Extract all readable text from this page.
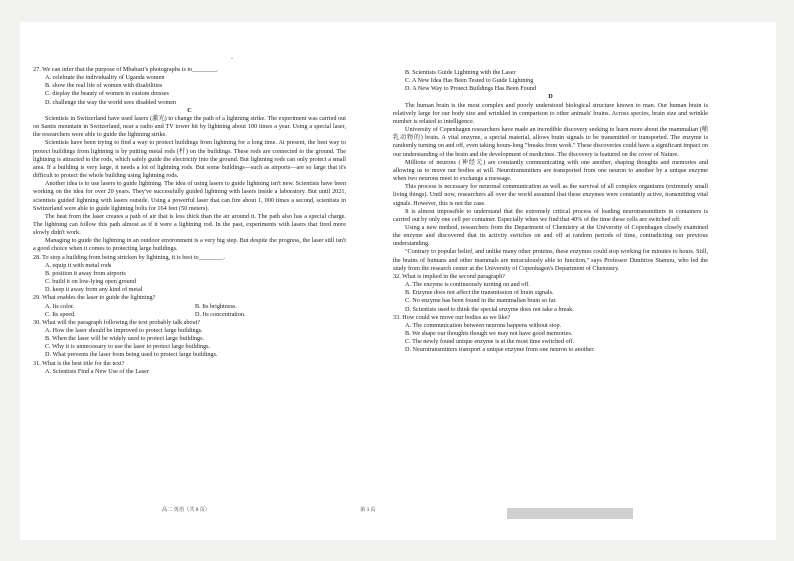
ˉ
27. We can infer that the purpose of Mbabazi's photographs is to________.
A. celebrate the individuality of Uganda women
B. show the real life of women with disabilities
C. display the beauty of women in custom dresses
D. challenge the way the world sees disabled women
C
Scientists in Switzerland have used lasers (激光) to change the path of a lightning strike. The experiment was carried out on Santis mountain in Switzerland, near a radio and TV tower hit by lightning about 100 times a year. Using a special laser, the researchers were able to guide the lightning strike.
Scientists have been trying to find a way to protect buildings from lightning for a long time. At present, the best way to protect buildings from lightning is by putting metal rods (杆) on the buildings. These rods are connected to the ground. The lightning is attracted to the rods, which safely guide the electricity into the ground. But lightning rods can only protect a small area. If a building is very large, it needs a lot of lightning rods. But some buildings—such as airports—are so large that it's difficult to protect the whole building using lightning rods.
Another idea is to use lasers to guide lightning. The idea of using lasers to guide lightning isn't new. Scientists have been working on the idea for over 20 years. They've successfully guided lightning with lasers inside a laboratory. But until 2021, scientists guided lightning with lasers outside. Using a powerful laser that can fire about 1, 000 times a second, scientists in Switzerland were able to guide lightning bolts for 164 feet (50 meters).
The heat from the laser creates a path of air that is less thick than the air around it. The path also has a special charge. The lightning can follow this path almost as if it were a lightning rod. In the past, experiments with lasers that fired more slowly didn't work.
Managing to guide the lightning in an outdoor environment is a very big step. But despite the progress, the laser still isn't a good choice when it comes to protecting large buildings.
28. To stop a building from being stricken by lightning, it is best to________.
A. equip it with metal rods
B. position it away from airports
C. build it on low-lying open ground
D. keep it away from any kind of metal
29. What enables the laser to guide the lightning?
A. Its color.	B. Its brightness.
C. Its speed.	D. Its concentration.
30. What will the paragraph following the text probably talk about?
A. How the laser should be improved to protect large buildings.
B. When the laser will be widely used to protect large buildings.
C. Why it is unnecessary to use the laser to protect large buildings.
D. What prevents the laser from being used to protect large buildings.
31. What is the best title for the text?
A. Scientists Find a New Use of the Laser
B. Scientists Guide Lightning with the Laser
C. A New Idea Has Been Tested to Guide Lightning
D. A New Way to Protect Buildings Has Been Found
D
The human brain is the most complex and poorly understood biological structure known to man. Our human brain is relatively large for our body size and wrinkled in comparison to other animals' brains. Across species, brain size and wrinkle number is related to intelligence.
University of Copenhagen researchers have made an incredible discovery seeking to learn more about the mammalian (哺乳动物的) brain. A vital enzyme, a special material, allows brain signals to be transmitted or transported. The enzyme is randomly turning on and off, even taking hours-long "breaks from work." These discoveries could have a significant impact on our understanding of the brain and the development of medicines. The discovery is featured on the cover of Nature.
Millions of neurons (神经元) are constantly communicating with one another, shaping thoughts and memories and allowing us to move our bodies at will. Neurotransmitters are transported from one neuron to another by a unique enzyme when two neurons meet to exchange a message.
This process is necessary for neuronal communication as well as the survival of all complex organisms (extremely small living things). Until now, researchers all over the world assumed that these enzymes were constantly active, transmitting vital signals. However, this is not the case.
It is almost impossible to understand that the extremely critical process of loading neurotransmitters in containers is carried out by only one cell per container. Especially when we find that 40% of the time these cells are switched off.
Using a new method, researchers from the Department of Chemistry at the University of Copenhagen closely examined the enzyme and discovered that its activity switches on and off at random periods of time, contradicting our previous understanding.
"Contrary to popular belief, and unlike many other proteins, these enzymes could stop working for minutes to hours. Still, the brains of humans and other mammals are miraculously able to function," says Professor Dimitrios Stamou, who led the study from the research center at the University of Copenhagen's Department of Chemistry.
32. What is implied in the second paragraph?
A. The enzyme is continuously turning on and off.
B. Enzyme does not affect the transmission of brain signals.
C. No enzyme has been found in the mammalian brain so far.
D. Scientists used to think the special enzyme does not take a break.
33. How could we move our bodies as we like?
A. The communication between neurons happens without stop.
B. We shape our thoughts though we may not have good memories.
C. The newly found unique enzyme is at the most time switched off.
D. Neurotransmitters transport a unique enzyme from one neuron to another.
高二 英语（共 8 页）	第 3 页
